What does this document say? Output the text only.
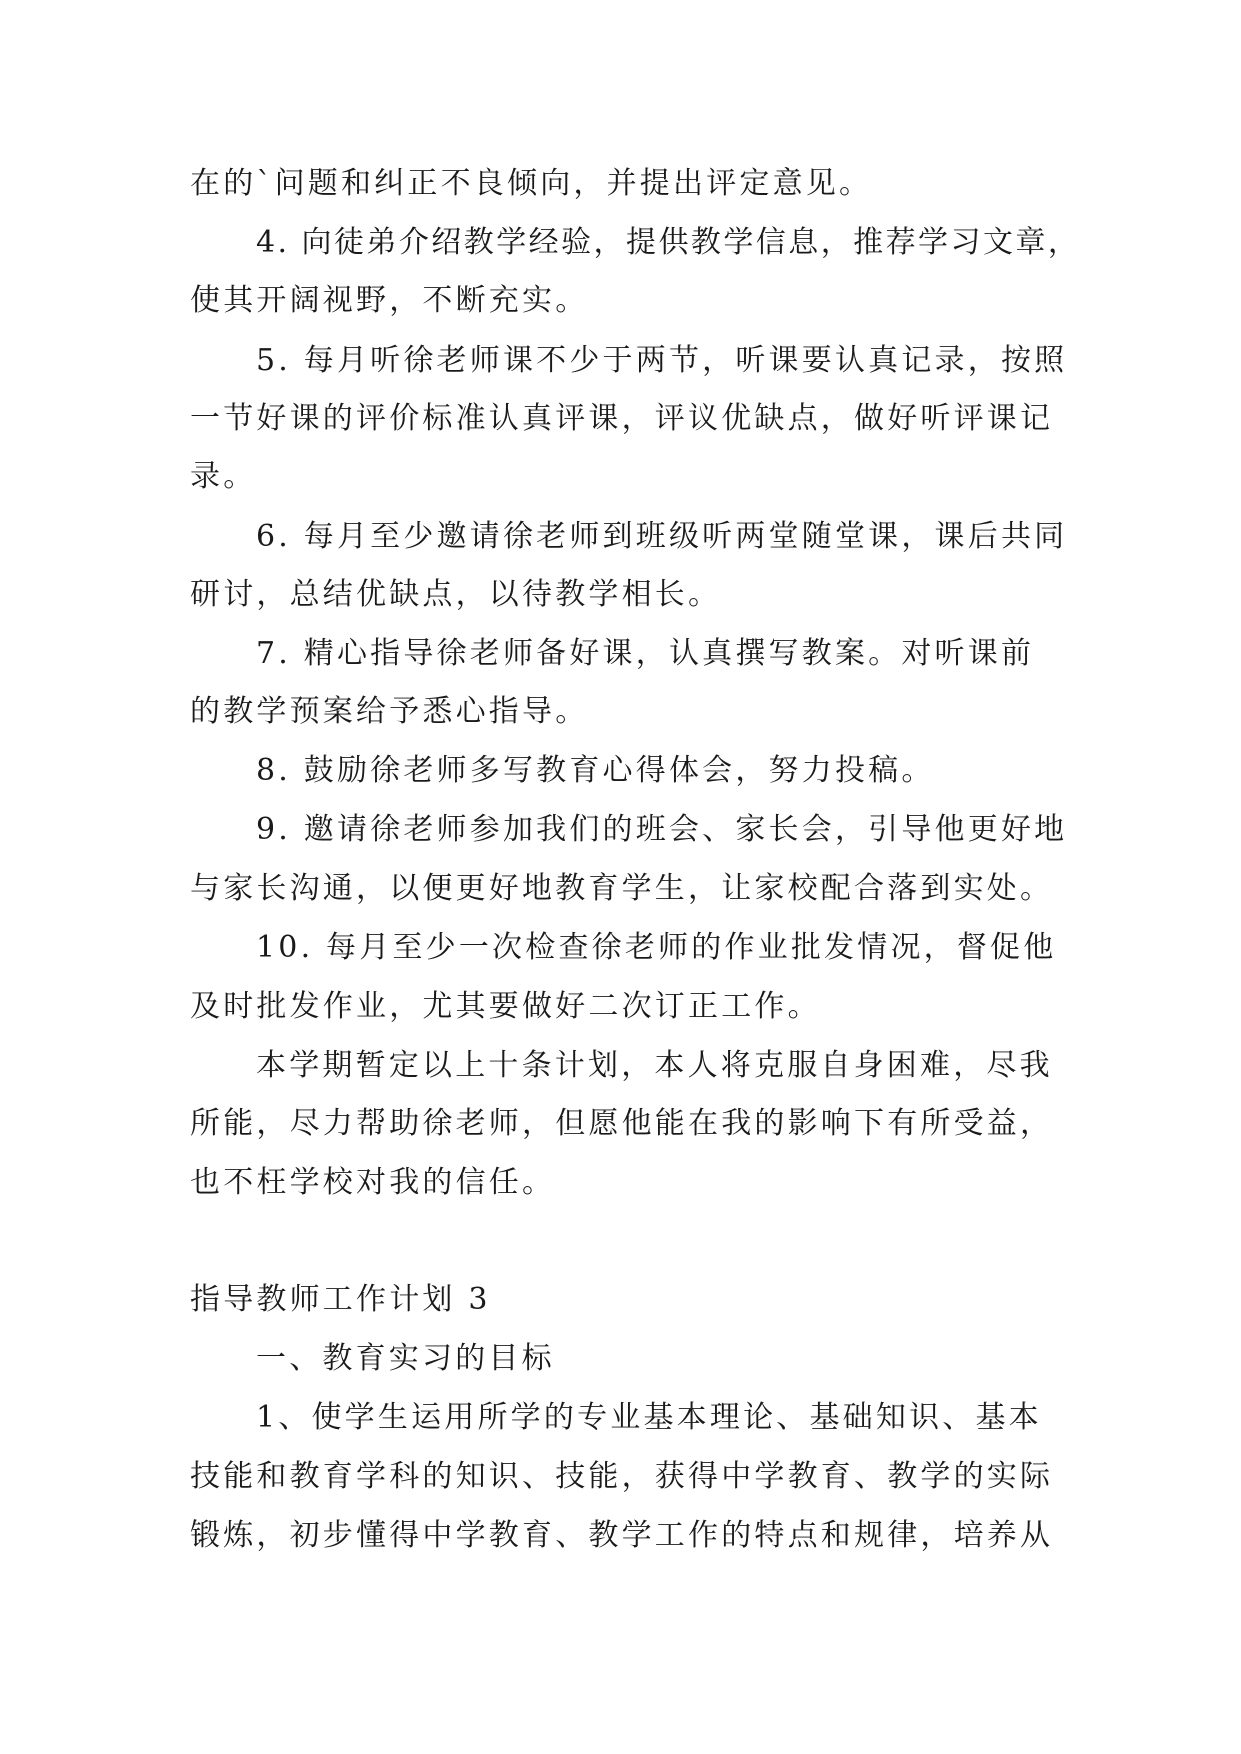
在的`问题和纠正不良倾向，并提出评定意见。
4. 向徒弟介绍教学经验，提供教学信息，推荐学习文章，
使其开阔视野，不断充实。
5. 每月听徐老师课不少于两节，听课要认真记录，按照
一节好课的评价标准认真评课，评议优缺点，做好听评课记
录。
6. 每月至少邀请徐老师到班级听两堂随堂课，课后共同
研讨，总结优缺点，以待教学相长。
7. 精心指导徐老师备好课，认真撰写教案。对听课前
的教学预案给予悉心指导。
8. 鼓励徐老师多写教育心得体会，努力投稿。
9. 邀请徐老师参加我们的班会、家长会，引导他更好地
与家长沟通，以便更好地教育学生，让家校配合落到实处。
10. 每月至少一次检查徐老师的作业批发情况，督促他
及时批发作业，尤其要做好二次订正工作。
本学期暂定以上十条计划，本人将克服自身困难，尽我
所能，尽力帮助徐老师，但愿他能在我的影响下有所受益，
也不枉学校对我的信任。
指导教师工作计划 3
一、教育实习的目标
1、使学生运用所学的专业基本理论、基础知识、基本
技能和教育学科的知识、技能，获得中学教育、教学的实际
锻炼，初步懂得中学教育、教学工作的特点和规律，培养从
